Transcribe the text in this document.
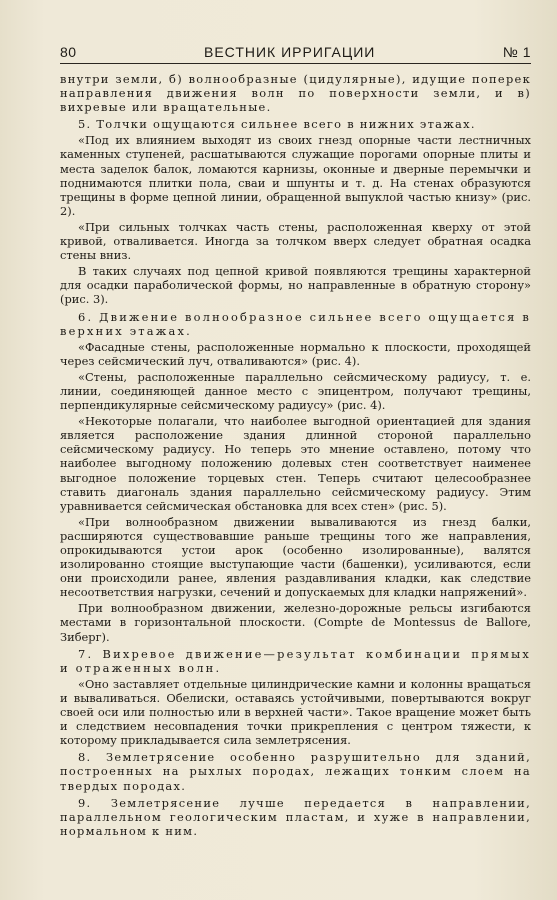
80	ВЕСТНИК ИРРИГАЦИИ	№ 1

внутри земли, б) волнообразные (цидулярные), идущие поперек направления движения волн по поверхности земли, и в) вихревые или вращательные.

5. Толчки ощущаются сильнее всего в нижних этажах.

«Под их влиянием выходят из своих гнезд опорные части лестничных каменных ступеней, расшатываются служащие порогами опорные плиты и места заделок балок, ломаются карнизы, оконные и дверные перемычки и поднимаются плитки пола, сваи и шпунты и т. д. На стенах образуются трещины в форме цепной линии, обращенной выпуклой частью книзу» (рис. 2).

«При сильных толчках часть стены, расположенная кверху от этой кривой, отваливается. Иногда за толчком вверх следует обратная осадка стены вниз.

В таких случаях под цепной кривой появляются трещины характерной для осадки параболической формы, но направленные в обратную сторону» (рис. 3).

6. Движение волнообразное сильнее всего ощущается в верхних этажах.

«Фасадные стены, расположенные нормально к плоскости, проходящей через сейсмический луч, отваливаются» (рис. 4).

«Стены, расположенные параллельно сейсмическому радиусу, т. е. линии, соединяющей данное место с эпицентром, получают трещины, перпендикулярные сейсмическому радиусу» (рис. 4).

«Некоторые полагали, что наиболее выгодной ориентацией для здания является расположение здания длинной стороной параллельно сейсмическому радиусу. Но теперь это мнение оставлено, потому что наиболее выгодному положению долевых стен соответствует наименее выгодное положение торцевых стен. Теперь считают целесообразнее ставить диагональ здания параллельно сейсмическому радиусу. Этим уравнивается сейсмическая обстановка для всех стен» (рис. 5).

«При волнообразном движении вываливаются из гнезд балки, расширяются существовавшие раньше трещины того же направления, опрокидываются устои арок (особенно изолированные), валятся изолированно стоящие выступающие части (башенки), усиливаются, если они происходили ранее, явления раздавливания кладки, как следствие несоответствия нагрузки, сечений и допускаемых для кладки напряжений».

При волнообразном движении, железно-дорожные рельсы изгибаются местами в горизонтальной плоскости. (Compte de Montessus de Ballore, Зиберг).

7. Вихревое движение—результат комбинации прямых и отраженных волн.

«Оно заставляет отдельные цилиндрические камни и колонны вращаться и вываливаться. Обелиски, оставаясь устойчивыми, повертываются вокруг своей оси или полностью или в верхней части». Такое вращение может быть и следствием несовпадения точки прикрепления с центром тяжести, к которому прикладывается сила землетрясения.

8. Землетрясение особенно разрушительно для зданий, построенных на рыхлых породах, лежащих тонким слоем на твердых породах.

9. Землетрясение лучше передается в направлении, параллельном геологическим пластам, и хуже в направлении, нормальном к ним.
